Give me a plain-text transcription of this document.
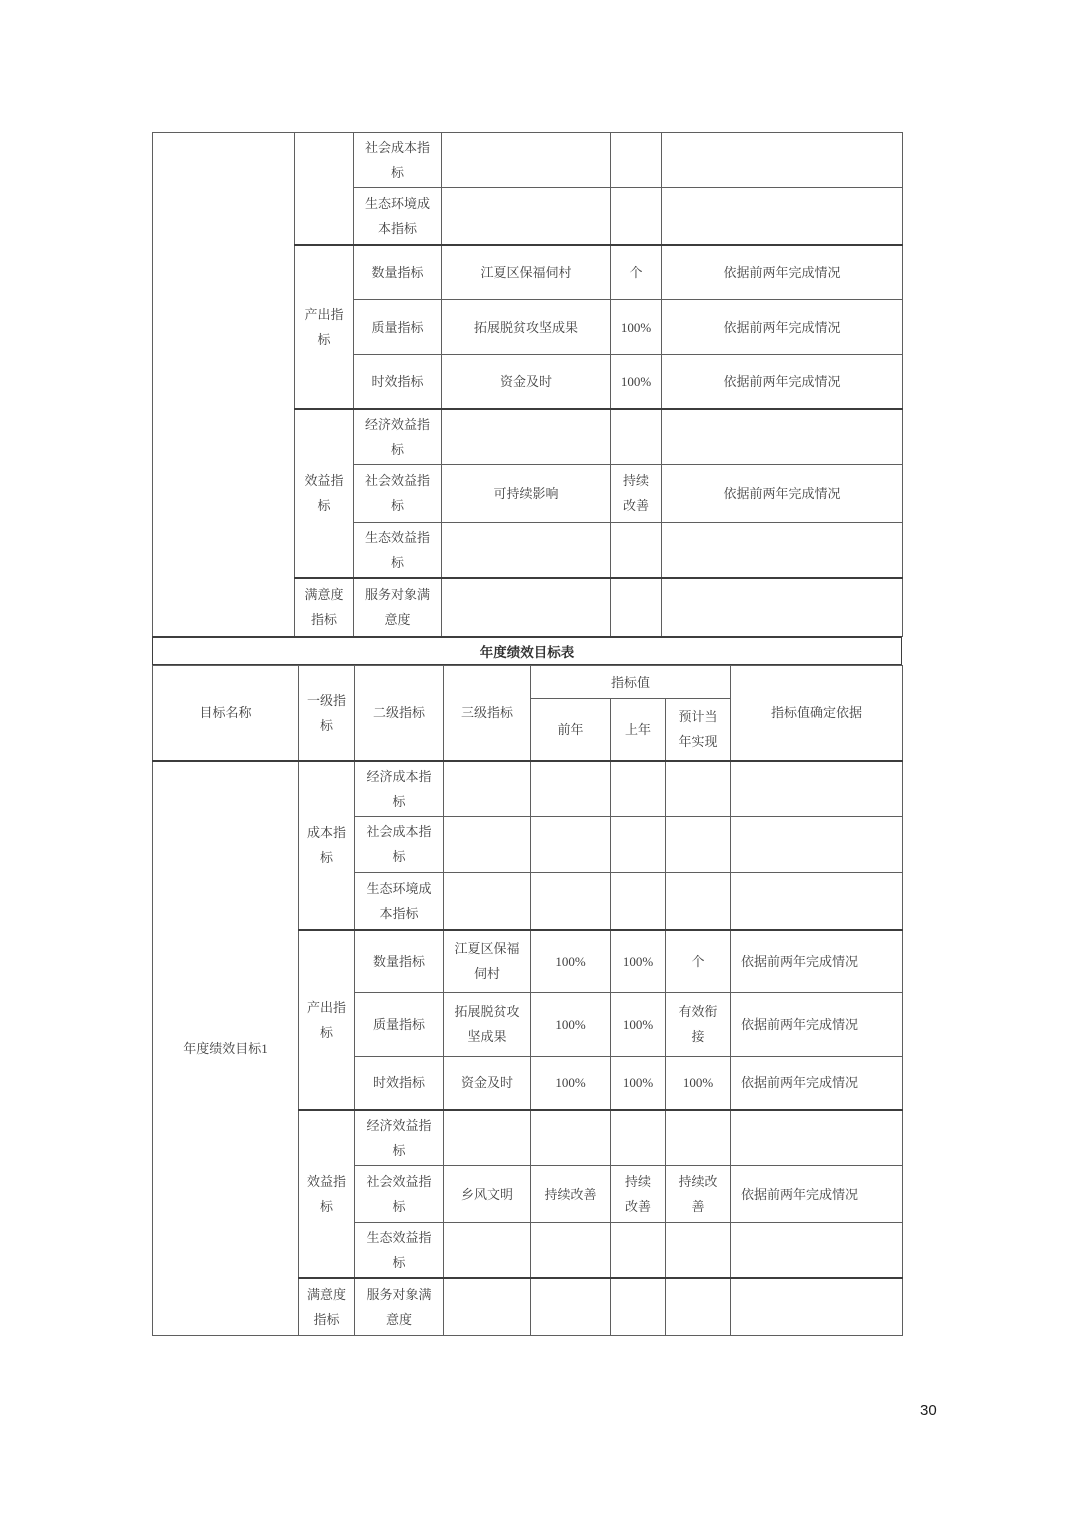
		社会成本指标			
		生态环境成本指标			
	产出指标	数量指标	江夏区保福伺村	个	依据前两年完成情况
		质量指标	拓展脱贫攻坚成果	100%	依据前两年完成情况
		时效指标	资金及时	100%	依据前两年完成情况
	效益指标	经济效益指标			
		社会效益指标	可持续影响	持续改善	依据前两年完成情况
		生态效益指标			
	满意度指标	服务对象满意度			
年度绩效目标表
目标名称	一级指标	二级指标	三级指标	指标值			指标值确定依据
				前年	上年	预计当年实现	
年度绩效目标1	成本指标	经济成本指标					
		社会成本指标					
		生态环境成本指标					
	产出指标	数量指标	江夏区保福伺村	100%	100%	个	依据前两年完成情况
		质量指标	拓展脱贫攻坚成果	100%	100%	有效衔接	依据前两年完成情况
		时效指标	资金及时	100%	100%	100%	依据前两年完成情况
	效益指标	经济效益指标					
		社会效益指标	乡风文明	持续改善	持续改善	持续改善	依据前两年完成情况
		生态效益指标					
	满意度指标	服务对象满意度					
30
